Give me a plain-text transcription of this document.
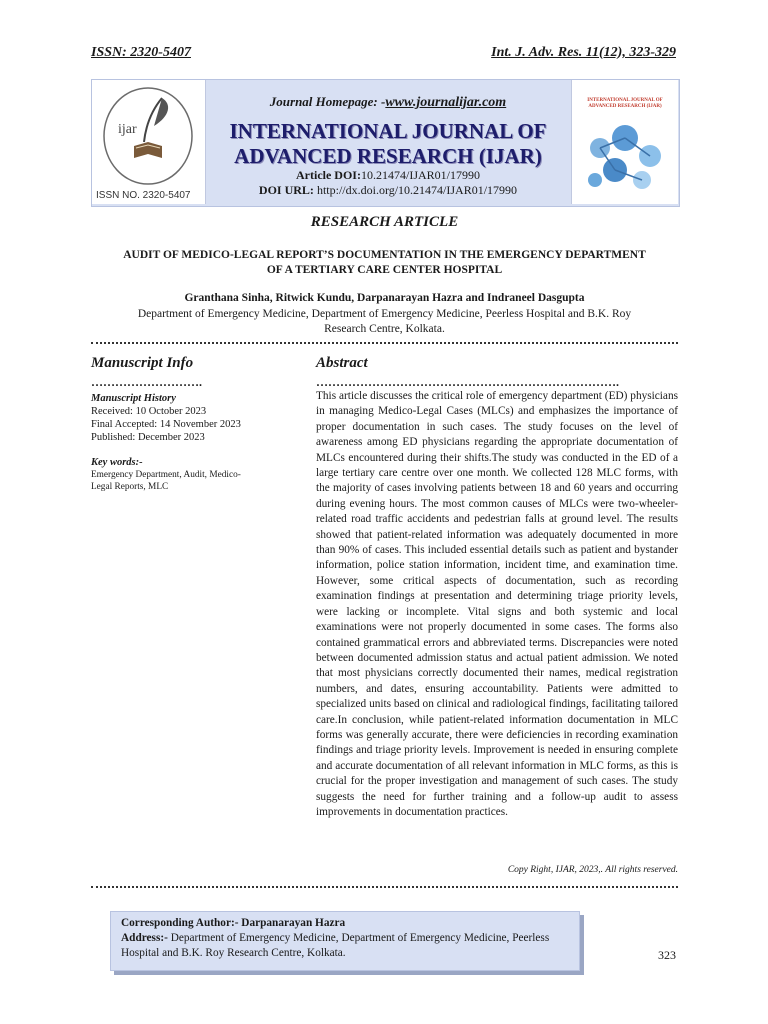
ISSN: 2320-5407	Int. J. Adv. Res. 11(12), 323-329
ijar
ISSN NO. 2320-5407
Journal Homepage: -www.journalijar.com
INTERNATIONAL JOURNAL OF
ADVANCED RESEARCH (IJAR)
Article DOI:10.21474/IJAR01/17990
DOI URL: http://dx.doi.org/10.21474/IJAR01/17990
INTERNATIONAL JOURNAL OF ADVANCED RESEARCH (IJAR)
RESEARCH ARTICLE
AUDIT OF MEDICO-LEGAL REPORT’S DOCUMENTATION IN THE EMERGENCY DEPARTMENT
OF A TERTIARY CARE CENTER HOSPITAL
Granthana Sinha, Ritwick Kundu, Darpanarayan Hazra and Indraneel Dasgupta
Department of Emergency Medicine, Department of Emergency Medicine, Peerless Hospital and B.K. Roy
Research Centre, Kolkata.
Manuscript Info
……………………….
Manuscript History
Received: 10 October 2023
Final Accepted: 14 November 2023
Published: December 2023
Key words:-
Emergency Department, Audit, Medico-Legal Reports, MLC
Abstract
………………………………………………………………….
This article discusses the critical role of emergency department (ED) physicians in managing Medico-Legal Cases (MLCs) and emphasizes the importance of proper documentation in such cases. The study focuses on the level of awareness among ED physicians regarding the appropriate documentation of MLCs encountered during their shifts.The study was conducted in the ED of a large tertiary care centre over one month. We collected 128 MLC forms, with the majority of cases involving patients between 18 and 60 years and occurring during evening hours. The most common causes of MLCs were two-wheeler-related road traffic accidents and pedestrian falls at ground level. The results showed that patient-related information was adequately documented in more than 90% of cases. This included essential details such as patient and bystander information, police station information, incident time, and examination time. However, some critical aspects of documentation, such as recording examination findings at presentation and determining triage priority levels, were lacking or incomplete. Vital signs and both systemic and local examinations were not properly documented in some cases. The forms also contained grammatical errors and abbreviated terms. Discrepancies were noted between documented admission status and actual patient admission. We noted that most physicians correctly documented their names, medical registration numbers, and dates, ensuring accountability. Patients were admitted to specialized units based on clinical and radiological findings, facilitating tailored care.In conclusion, while patient-related information documentation in MLC forms was generally accurate, there were deficiencies in recording examination findings and triage priority levels. Improvement is needed in ensuring complete and accurate documentation of all relevant information in MLC forms, as this is crucial for the proper investigation and management of such cases. The study suggests the need for further training and a follow-up audit to assess improvements in documentation practices.
Copy Right, IJAR, 2023,. All rights reserved.
Corresponding Author:- Darpanarayan Hazra
Address:- Department of Emergency Medicine, Department of Emergency Medicine, Peerless Hospital and B.K. Roy Research Centre, Kolkata.	323
